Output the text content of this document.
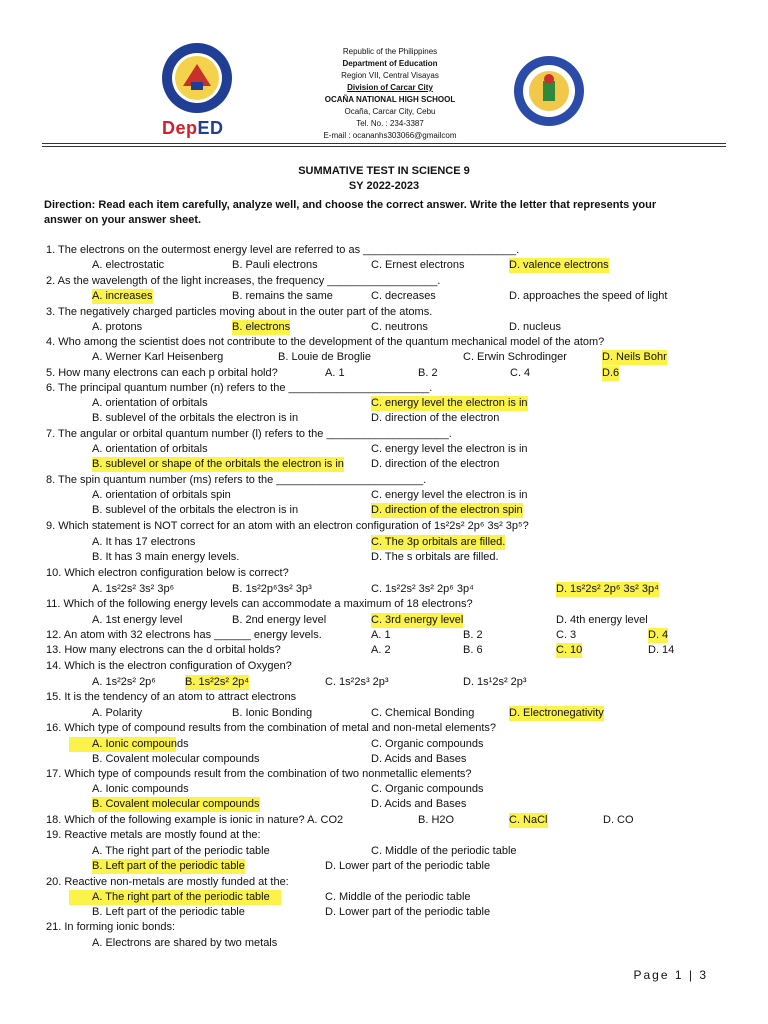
DepED
Republic of the Philippines
Department of Education
Region VII, Central Visayas
Division of Carcar City
OCAÑA NATIONAL HIGH SCHOOL
Ocaña, Carcar City, Cebu
Tel. No. : 234-3387
E-mail : ocananhs303066@gmailcom
SUMMATIVE TEST IN SCIENCE 9
SY 2022-2023
Direction: Read each item carefully, analyze well, and choose the correct answer. Write the letter that represents your
answer on your answer sheet.
1. The electrons on the outermost energy level are referred to as _________________________.
A. electrostatic	B. Pauli electrons	C. Ernest electrons	D. valence electrons
2. As the wavelength of the light increases, the frequency __________________.
A. increases	B. remains the same	C. decreases	D. approaches the speed of light
3. The negatively charged particles moving about in the outer part of the atoms.
A. protons	B. electrons	C. neutrons	D. nucleus
4. Who among the scientist does not contribute to the development of the quantum mechanical model of the atom?
A. Werner Karl Heisenberg	B. Louie de Broglie	C. Erwin Schrodinger	D. Neils Bohr
5. How many electrons can each p orbital hold?	A. 1	B. 2	C. 4	D.6
6. The principal quantum number (n) refers to the _______________________.
A. orientation of orbitals	C. energy level the electron is in
B. sublevel of the orbitals the electron is in	D. direction of the electron
7. The angular or orbital quantum number (l) refers to the ____________________.
A. orientation of orbitals	C. energy level the electron is in
B. sublevel or shape of the orbitals the electron is in D. direction of the electron
8. The spin quantum number (ms) refers to the ________________________.
A. orientation of orbitals spin	C. energy level the electron is in
B. sublevel of the orbitals the electron is in	D. direction of the electron spin
9. Which statement is NOT correct for an atom with an electron configuration of 1s²2s² 2p⁶ 3s² 3p⁵?
A. It has 17 electrons	C. The 3p orbitals are filled.
B. It has 3 main energy levels.	D. The s orbitals are filled.
10. Which electron configuration below is correct?
A. 1s²2s² 3s² 3p⁶	B. 1s²2p⁶3s² 3p³	C. 1s²2s² 3s² 2p⁶ 3p⁴	D. 1s²2s² 2p⁶ 3s² 3p⁴
11. Which of the following energy levels can accommodate a maximum of 18 electrons?
A. 1st energy level	B. 2nd energy level	C. 3rd energy level	D. 4th energy level
12. An atom with 32 electrons has ______ energy levels.	A. 1	B. 2	C. 3	D. 4
13. How many electrons can the d orbital holds?	A. 2	B. 6	C. 10	D. 14
14. Which is the electron configuration of Oxygen?
A. 1s²2s² 2p⁶	B. 1s²2s² 2p⁴	C. 1s²2s³ 2p³	D. 1s¹2s² 2p³
15. It is the tendency of an atom to attract electrons
A. Polarity	B. Ionic Bonding	C. Chemical Bonding	D. Electronegativity
16. Which type of compound results from the combination of metal and non-metal elements?
A. Ionic compounds	C. Organic compounds
B. Covalent molecular compounds	D. Acids and Bases
17. Which type of compounds result from the combination of two nonmetallic elements?
A. Ionic compounds	C. Organic compounds
B. Covalent molecular compounds	D. Acids and Bases
18. Which of the following example is ionic in nature? A. CO2	B. H2O	C. NaCl	D. CO
19. Reactive metals are mostly found at the:
A. The right part of the periodic table	C. Middle of the periodic table
B. Left part of the periodic table	D. Lower part of the periodic table
20. Reactive non-metals are mostly funded at the:
A. The right part of the periodic table	C. Middle of the periodic table
B. Left part of the periodic table	D. Lower part of the periodic table
21. In forming ionic bonds:
A. Electrons are shared by two metals
Page 1 | 3
